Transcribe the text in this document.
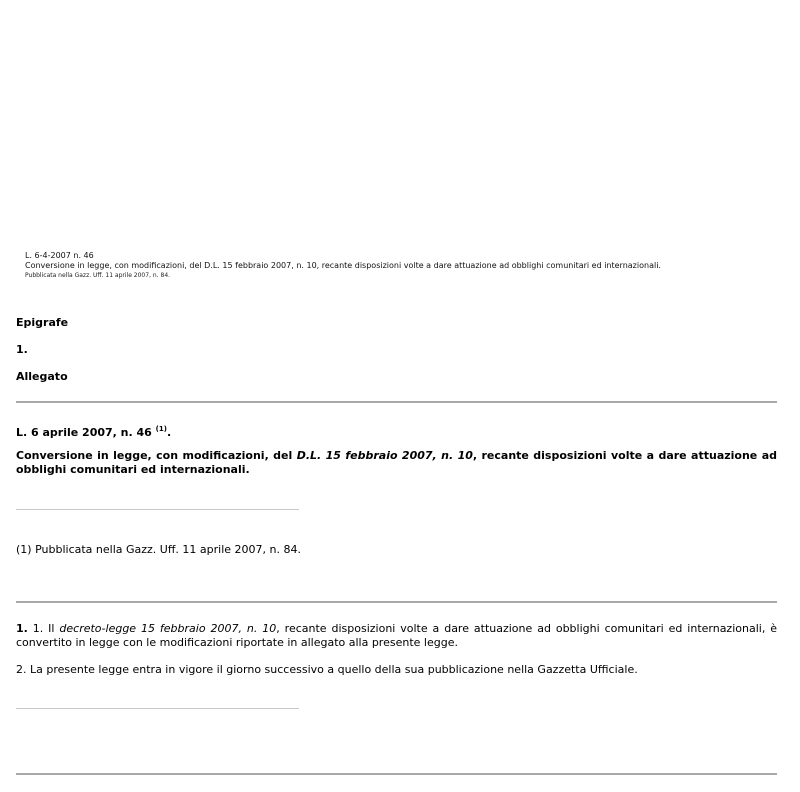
L. 6-4-2007 n. 46
Conversione in legge, con modificazioni, del D.L. 15 febbraio 2007, n. 10, recante disposizioni volte a dare attuazione ad obblighi comunitari ed internazionali.
Pubblicata nella Gazz. Uff. 11 aprile 2007, n. 84.
Epigrafe
1.
Allegato
L. 6 aprile 2007, n. 46 $^{(1)}$.
Conversione in legge, con modificazioni, del D.L. 15 febbraio 2007, n. 10, recante disposizioni volte a dare attuazione ad obblighi comunitari ed internazionali.
(1) Pubblicata nella Gazz. Uff. 11 aprile 2007, n. 84.
1. 1. Il decreto-legge 15 febbraio 2007, n. 10, recante disposizioni volte a dare attuazione ad obblighi comunitari ed internazionali, è convertito in legge con le modificazioni riportate in allegato alla presente legge.
2. La presente legge entra in vigore il giorno successivo a quello della sua pubblicazione nella Gazzetta Ufficiale.
